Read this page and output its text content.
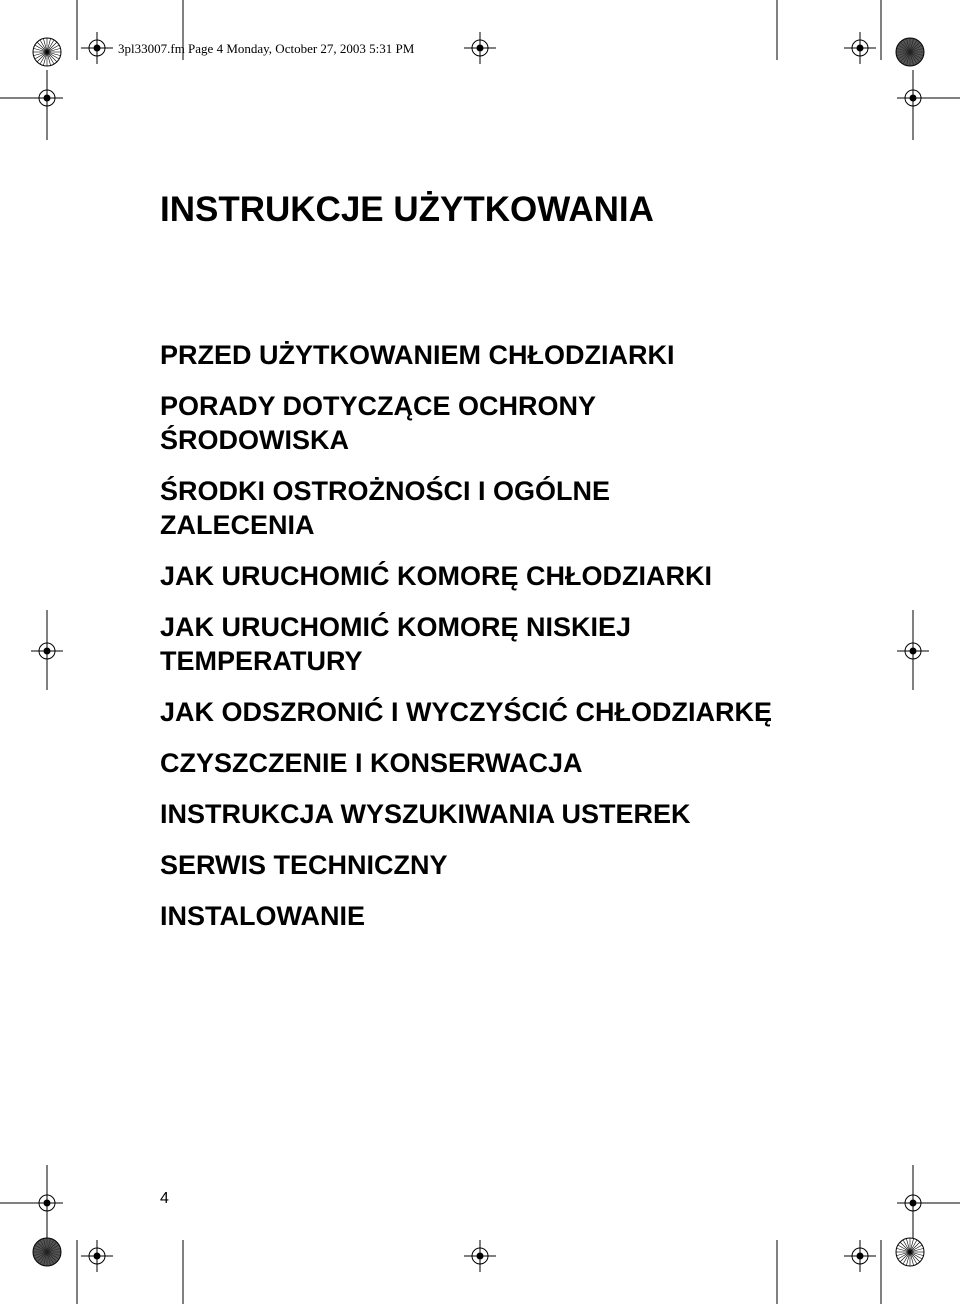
3pl33007.fm Page 4 Monday, October 27, 2003 5:31 PM
INSTRUKCJE UŻYTKOWANIA
PRZED UŻYTKOWANIEM CHŁODZIARKI
PORADY DOTYCZĄCE OCHRONY
ŚRODOWISKA
ŚRODKI OSTROŻNOŚCI I OGÓLNE
ZALECENIA
JAK URUCHOMIĆ KOMORĘ CHŁODZIARKI
JAK URUCHOMIĆ KOMORĘ NISKIEJ
TEMPERATURY
JAK ODSZRONIĆ I WYCZYŚCIĆ CHŁODZIARKĘ
CZYSZCZENIE I KONSERWACJA
INSTRUKCJA WYSZUKIWANIA USTEREK
SERWIS TECHNICZNY
INSTALOWANIE
4
